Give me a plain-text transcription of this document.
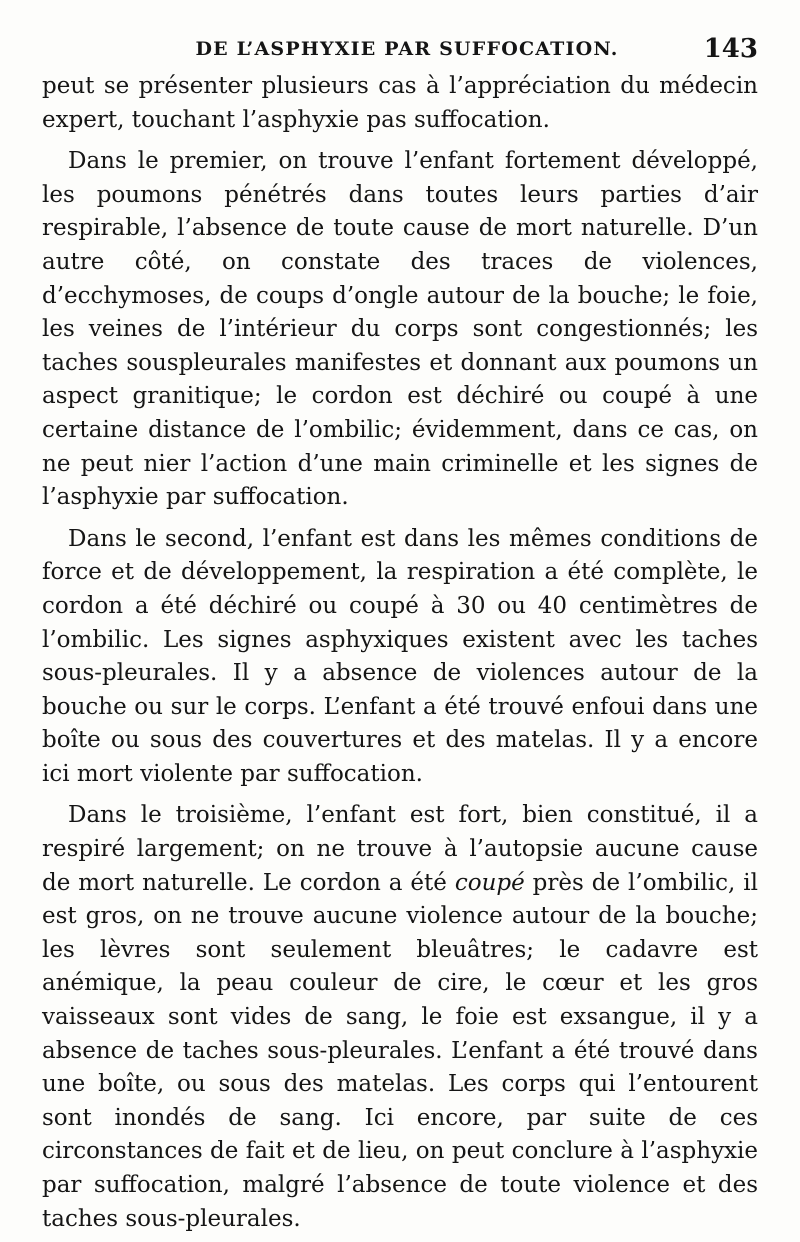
DE L’ASPHYXIE PAR SUFFOCATION.	143

peut se présenter plusieurs cas à l’appréciation du médecin expert, touchant l’asphyxie pas suffocation.

Dans le premier, on trouve l’enfant fortement développé, les poumons pénétrés dans toutes leurs parties d’air respirable, l’absence de toute cause de mort naturelle. D’un autre côté, on constate des traces de violences, d’ecchymoses, de coups d’ongle autour de la bouche; le foie, les veines de l’intérieur du corps sont congestionnés; les taches souspleurales manifestes et donnant aux poumons un aspect granitique; le cordon est déchiré ou coupé à une certaine distance de l’ombilic; évidemment, dans ce cas, on ne peut nier l’action d’une main criminelle et les signes de l’asphyxie par suffocation.

Dans le second, l’enfant est dans les mêmes conditions de force et de développement, la respiration a été complète, le cordon a été déchiré ou coupé à 30 ou 40 centimètres de l’ombilic. Les signes asphyxiques existent avec les taches sous-pleurales. Il y a absence de violences autour de la bouche ou sur le corps. L’enfant a été trouvé enfoui dans une boîte ou sous des couvertures et des matelas. Il y a encore ici mort violente par suffocation.

Dans le troisième, l’enfant est fort, bien constitué, il a respiré largement; on ne trouve à l’autopsie aucune cause de mort naturelle. Le cordon a été coupé près de l’ombilic, il est gros, on ne trouve aucune violence autour de la bouche; les lèvres sont seulement bleuâtres; le cadavre est anémique, la peau couleur de cire, le cœur et les gros vaisseaux sont vides de sang, le foie est exsangue, il y a absence de taches sous-pleurales. L’enfant a été trouvé dans une boîte, ou sous des matelas. Les corps qui l’entourent sont inondés de sang. Ici encore, par suite de ces circonstances de fait et de lieu, on peut conclure à l’asphyxie par suffocation, malgré l’absence de toute violence et des taches sous-pleurales.
